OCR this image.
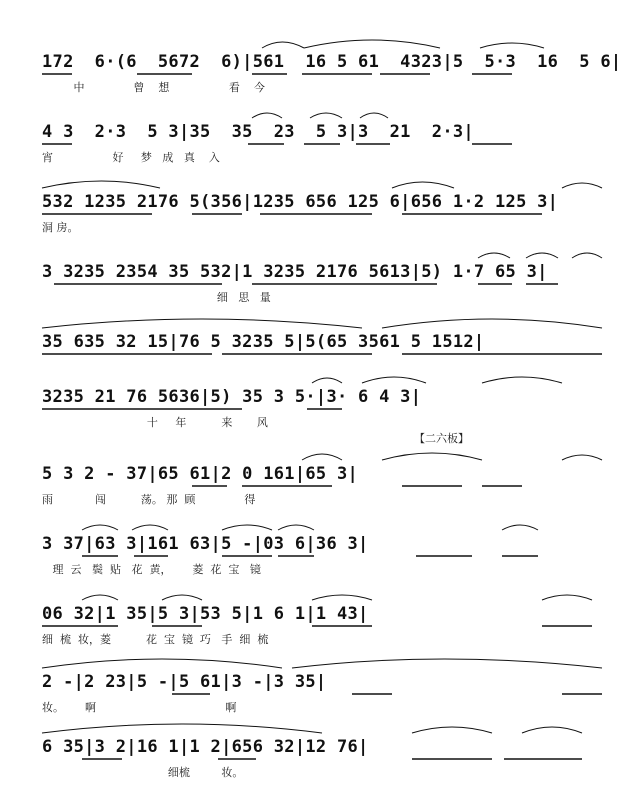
172  6·(6  5672  6)|561  16 5 61  4323|5  5·3  16  5 6|
中              曾    想                 看    今
4 3  2·3  5 3|35  35  23  5 3|3  21  2·3|
宵                 好     梦   成   真    入
532 1235 2176 5(356|1235 656 125 6|656 1·2 125 3|
洞 房。
3 3235 2354 35 532|1 3235 2176 5613|5) 1·7 65 3|
细   思   量
35 635 32 15|76 5 3235 5|5(65 3561 5 1512|
3235 21 76 5636|5) 35 3 5·|3· 6 4 3|
十     年          来       风
【二六板】
5 3 2 - 37|65 61|2 0 161|65 3|
雨            闯          荡。 那  顾              得
3 37|63 3|161 63|5 -|03 6|36 3|
理  云   鬓  贴   花  黄，      菱  花  宝   镜
06 32|1 35|5 3|53 5|1 6 1|1 43|
细  梳  妆，菱          花  宝  镜  巧   手  细  梳
2 -|2 23|5 -|5 61|3 -|3 35|
妆。      啊                                     啊
6 35|3 2|16 1|1 2|656 32|12 76|
细梳         妆。
